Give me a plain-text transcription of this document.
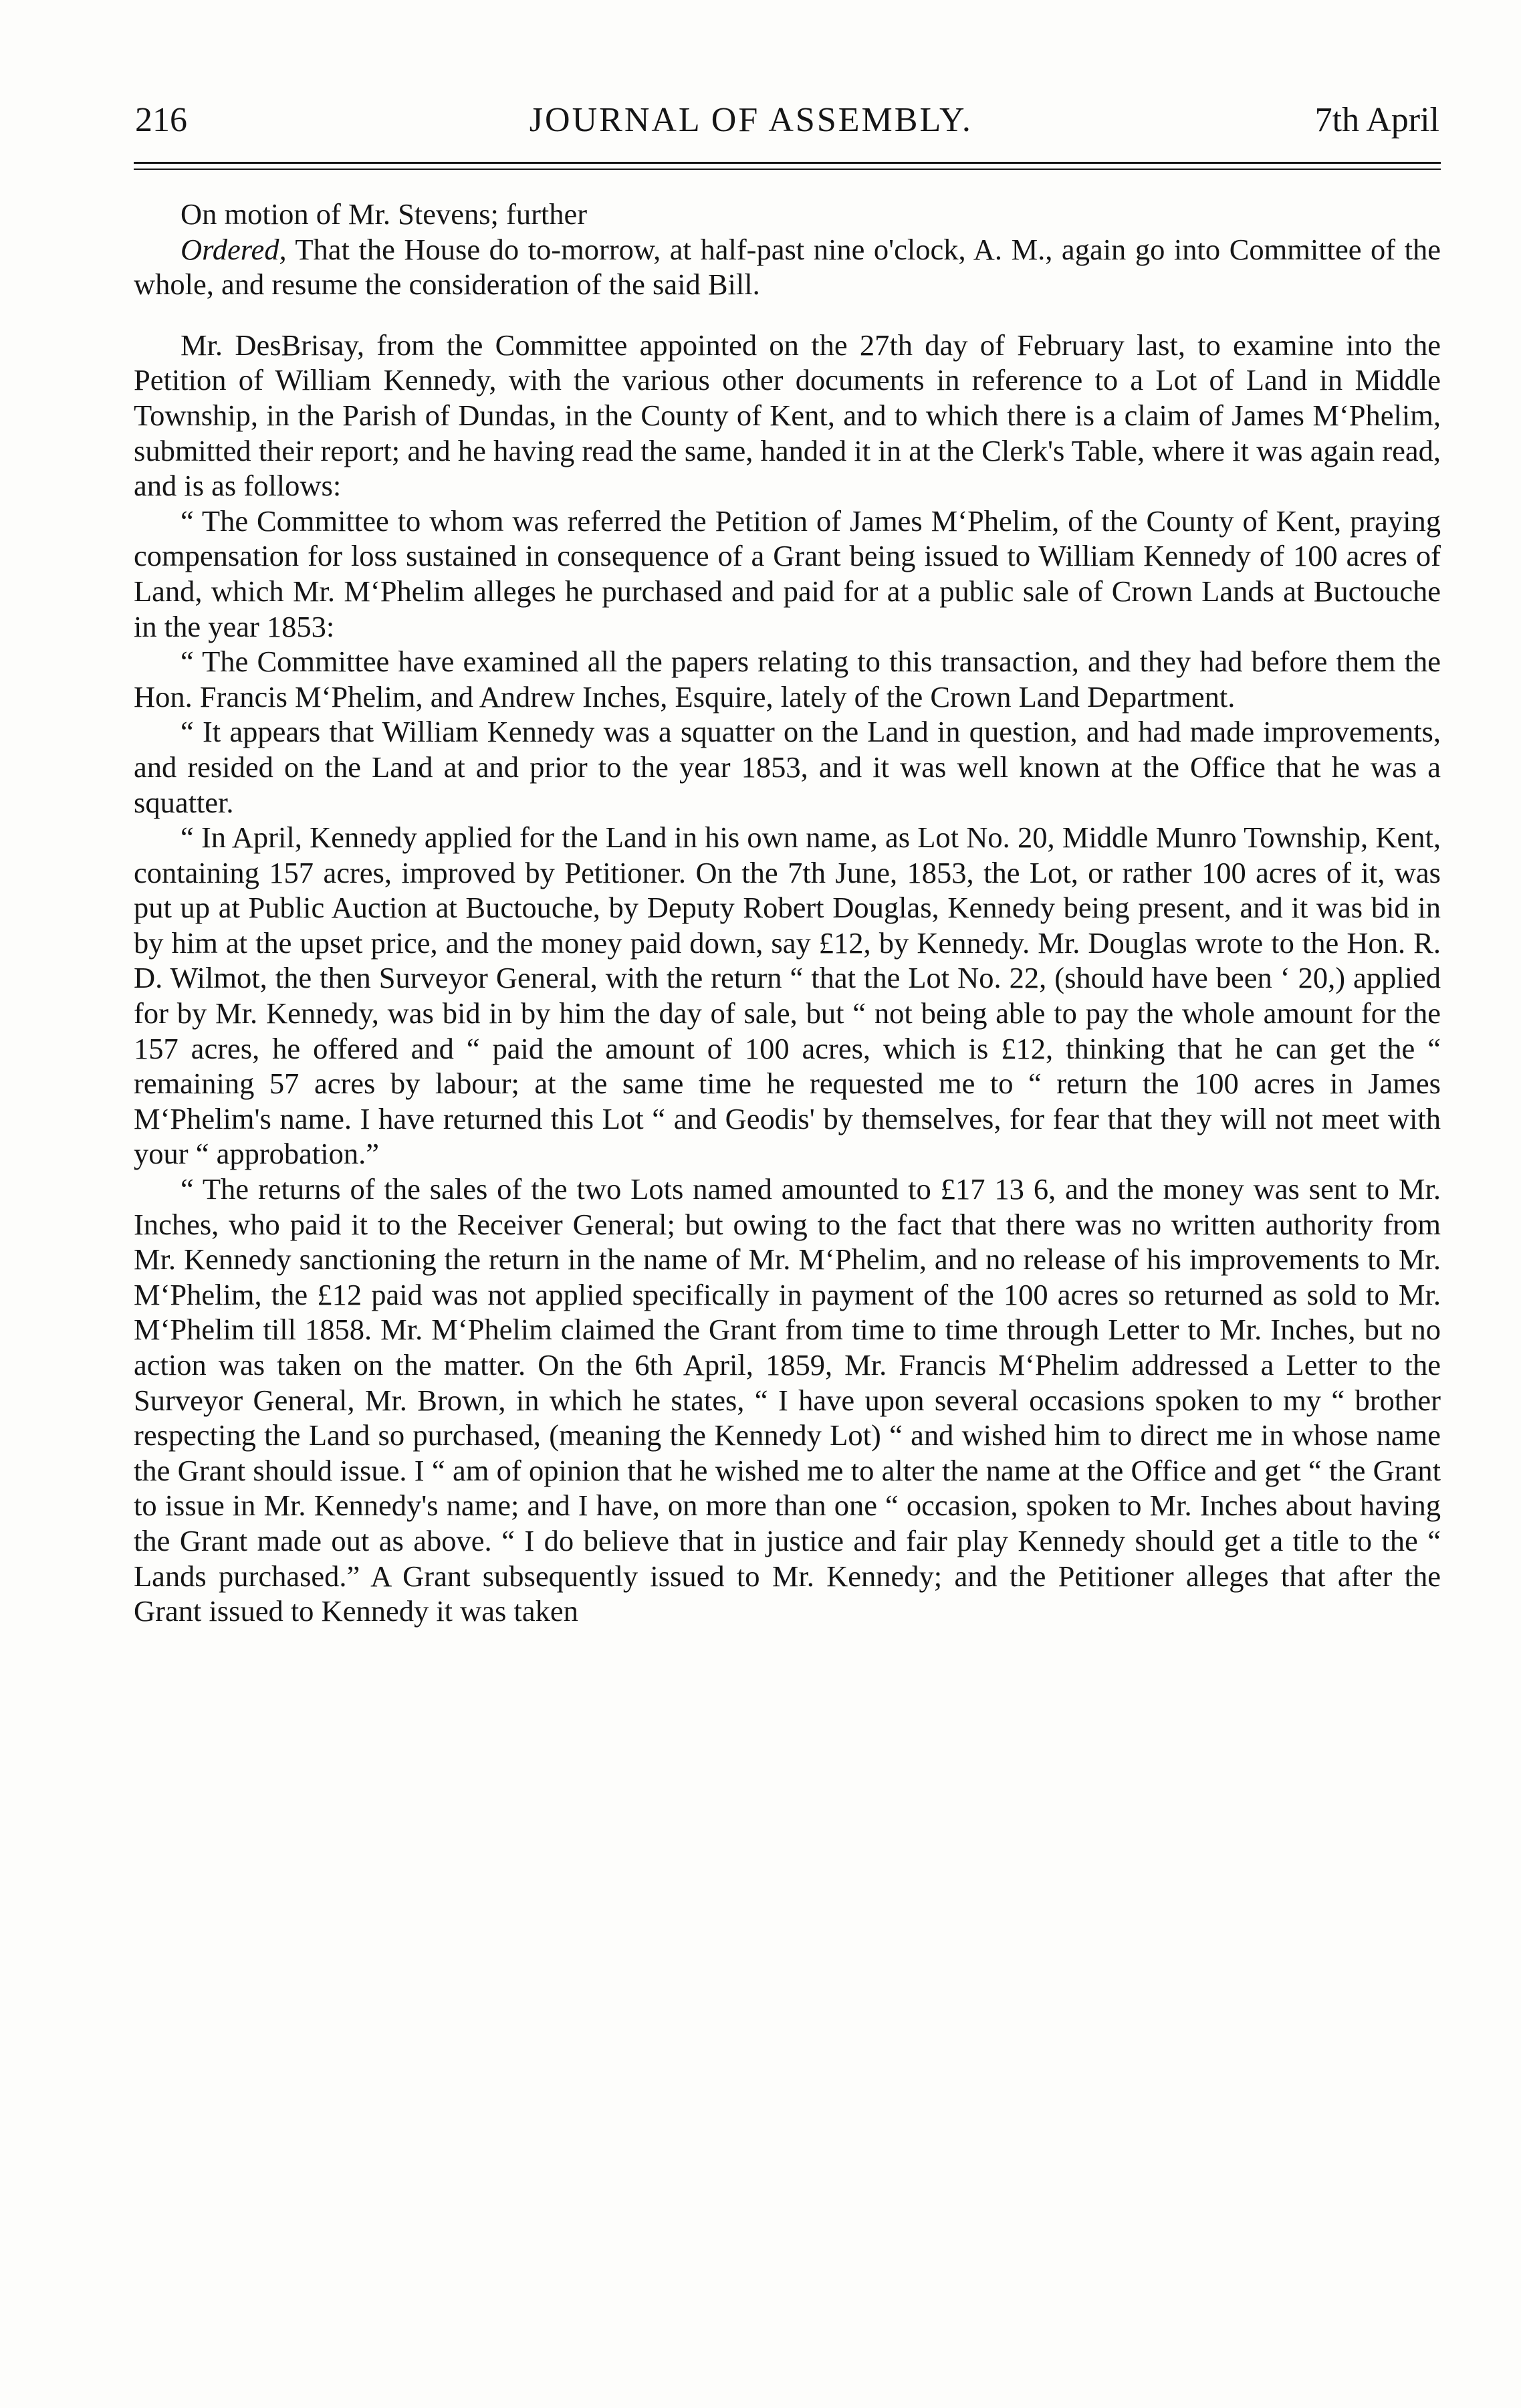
216	JOURNAL OF ASSEMBLY.	7th April

On motion of Mr. Stevens; further

Ordered, That the House do to-morrow, at half-past nine o'clock, A. M., again go into Committee of the whole, and resume the consideration of the said Bill.

Mr. DesBrisay, from the Committee appointed on the 27th day of February last, to examine into the Petition of William Kennedy, with the various other documents in reference to a Lot of Land in Middle Township, in the Parish of Dundas, in the County of Kent, and to which there is a claim of James M‘Phelim, submitted their report; and he having read the same, handed it in at the Clerk's Table, where it was again read, and is as follows:

“ The Committee to whom was referred the Petition of James M‘Phelim, of the County of Kent, praying compensation for loss sustained in consequence of a Grant being issued to William Kennedy of 100 acres of Land, which Mr. M‘Phelim alleges he purchased and paid for at a public sale of Crown Lands at Buctouche in the year 1853:

“ The Committee have examined all the papers relating to this transaction, and they had before them the Hon. Francis M‘Phelim, and Andrew Inches, Esquire, lately of the Crown Land Department.

“ It appears that William Kennedy was a squatter on the Land in question, and had made improvements, and resided on the Land at and prior to the year 1853, and it was well known at the Office that he was a squatter.

“ In April, Kennedy applied for the Land in his own name, as Lot No. 20, Middle Munro Township, Kent, containing 157 acres, improved by Petitioner. On the 7th June, 1853, the Lot, or rather 100 acres of it, was put up at Public Auction at Buctouche, by Deputy Robert Douglas, Kennedy being present, and it was bid in by him at the upset price, and the money paid down, say £12, by Kennedy. Mr. Douglas wrote to the Hon. R. D. Wilmot, the then Surveyor General, with the return “ that the Lot No. 22, (should have been ‘ 20,) applied for by Mr. Kennedy, was bid in by him the day of sale, but “ not being able to pay the whole amount for the 157 acres, he offered and “ paid the amount of 100 acres, which is £12, thinking that he can get the “ remaining 57 acres by labour; at the same time he requested me to “ return the 100 acres in James M‘Phelim's name. I have returned this Lot “ and Geodis' by themselves, for fear that they will not meet with your “ approbation.”

“ The returns of the sales of the two Lots named amounted to £17 13 6, and the money was sent to Mr. Inches, who paid it to the Receiver General; but owing to the fact that there was no written authority from Mr. Kennedy sanctioning the return in the name of Mr. M‘Phelim, and no release of his improvements to Mr. M‘Phelim, the £12 paid was not applied specifically in payment of the 100 acres so returned as sold to Mr. M‘Phelim till 1858. Mr. M‘Phelim claimed the Grant from time to time through Letter to Mr. Inches, but no action was taken on the matter. On the 6th April, 1859, Mr. Francis M‘Phelim addressed a Letter to the Surveyor General, Mr. Brown, in which he states, “ I have upon several occasions spoken to my “ brother respecting the Land so purchased, (meaning the Kennedy Lot) “ and wished him to direct me in whose name the Grant should issue. I “ am of opinion that he wished me to alter the name at the Office and get “ the Grant to issue in Mr. Kennedy's name; and I have, on more than one “ occasion, spoken to Mr. Inches about having the Grant made out as above. “ I do believe that in justice and fair play Kennedy should get a title to the “ Lands purchased.” A Grant subsequently issued to Mr. Kennedy; and the Petitioner alleges that after the Grant issued to Kennedy it was taken
